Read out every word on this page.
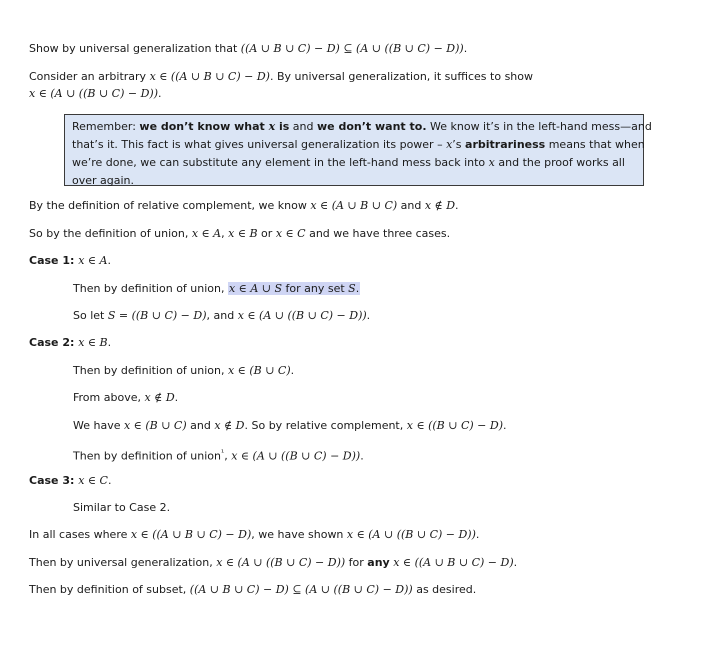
Show by universal generalization that ((A ∪ B ∪ C) − D) ⊆ (A ∪ ((B ∪ C) − D)).
Consider an arbitrary x ∈ ((A ∪ B ∪ C) − D). By universal generalization, it suffices to show
x ∈ (A ∪ ((B ∪ C) − D)).
Remember: we don’t know what x is and we don’t want to. We know it’s in the left-hand mess—and
that’s it. This fact is what gives universal generalization its power – x’s arbitrariness means that when
we’re done, we can substitute any element in the left-hand mess back into x and the proof works all
over again.
By the definition of relative complement, we know x ∈ (A ∪ B ∪ C) and x ∉ D.
So by the definition of union, x ∈ A, x ∈ B or x ∈ C and we have three cases.
Case 1: x ∈ A.
Then by definition of union, x ∈ A ∪ S for any set S.
So let S = ((B ∪ C) − D), and x ∈ (A ∪ ((B ∪ C) − D)).
Case 2: x ∈ B.
Then by definition of union, x ∈ (B ∪ C).
From above, x ∉ D.
We have x ∈ (B ∪ C) and x ∉ D. So by relative complement, x ∈ ((B ∪ C) − D).
Then by definition of union$^{^1}$, x ∈ (A ∪ ((B ∪ C) − D)).
Case 3: x ∈ C.
Similar to Case 2.
In all cases where x ∈ ((A ∪ B ∪ C) − D), we have shown x ∈ (A ∪ ((B ∪ C) − D)).
Then by universal generalization, x ∈ (A ∪ ((B ∪ C) − D)) for any x ∈ ((A ∪ B ∪ C) − D).
Then by definition of subset, ((A ∪ B ∪ C) − D) ⊆ (A ∪ ((B ∪ C) − D)) as desired.
